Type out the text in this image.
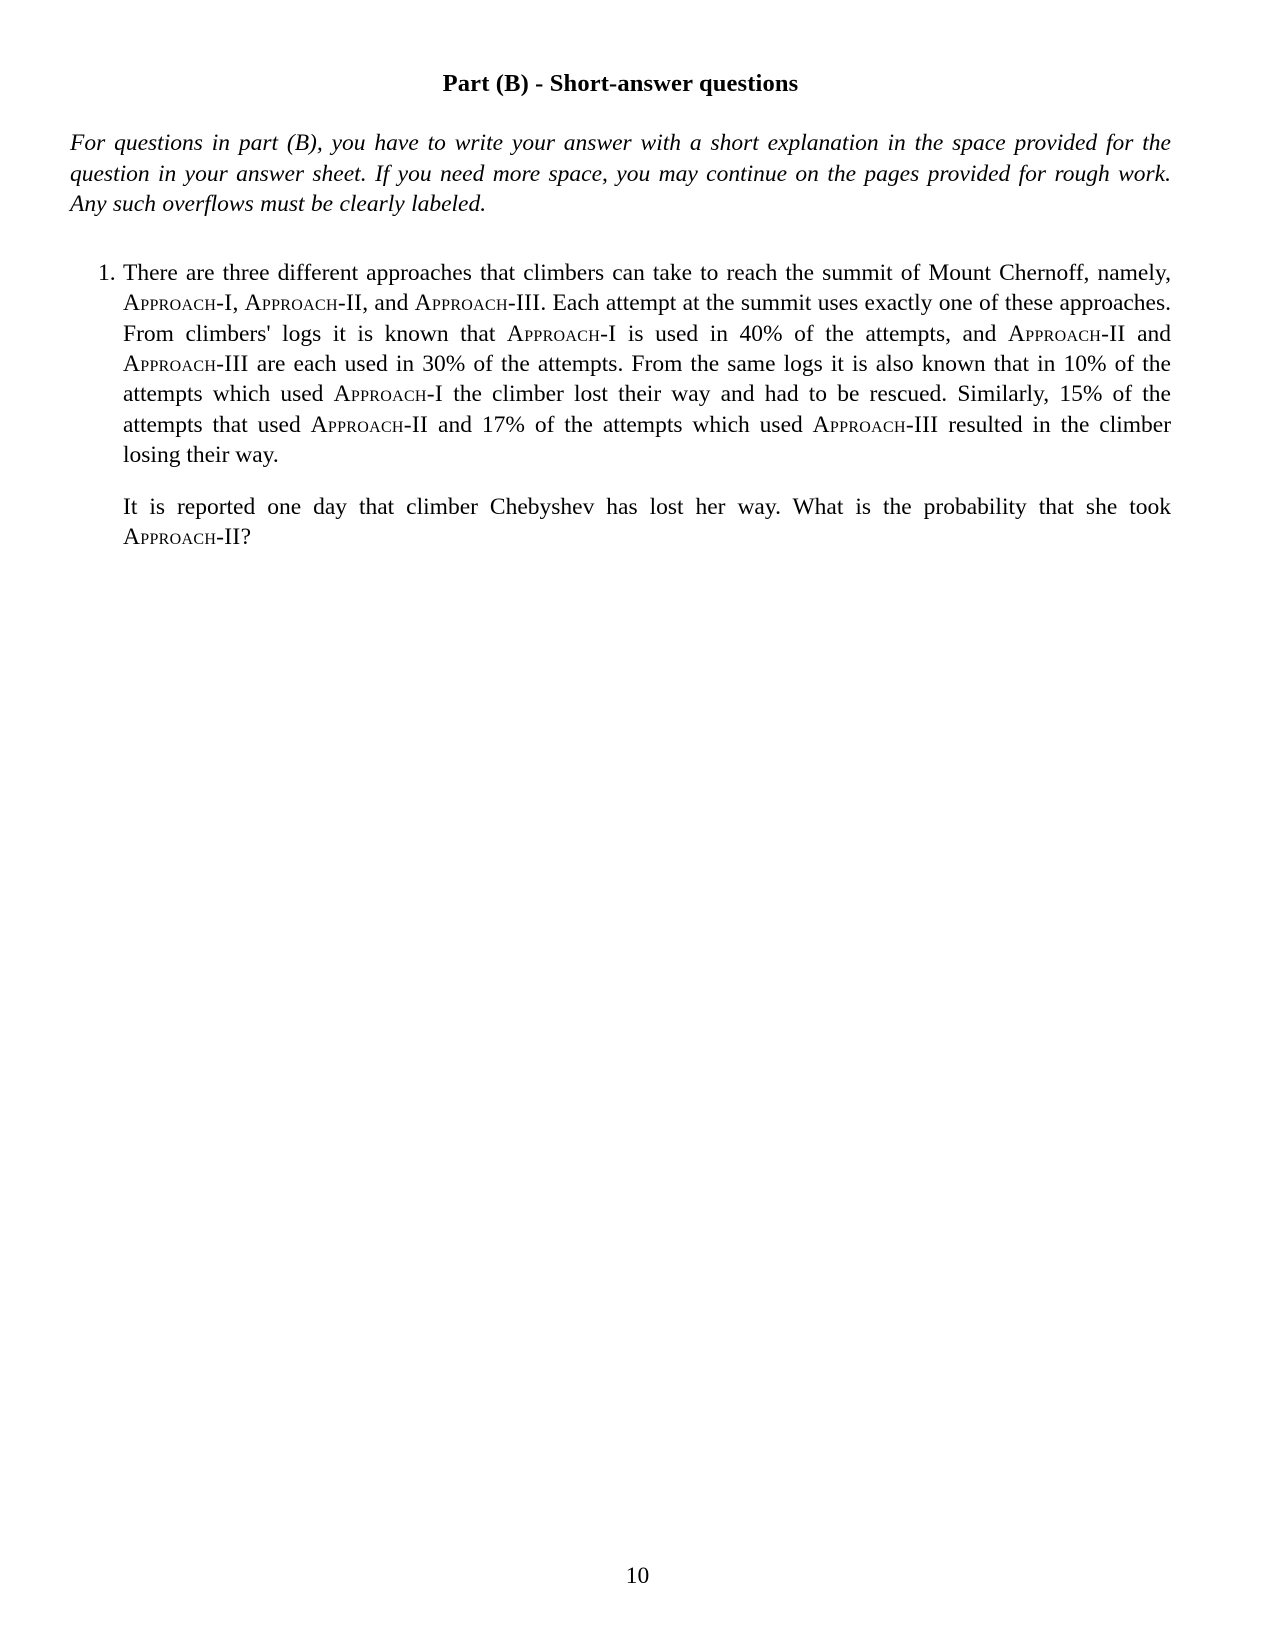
Part (B) - Short-answer questions

For questions in part (B), you have to write your answer with a short explanation in the space provided for the question in your answer sheet. If you need more space, you may continue on the pages provided for rough work. Any such overflows must be clearly labeled.

1. There are three different approaches that climbers can take to reach the summit of Mount Chernoff, namely, Approach-I, Approach-II, and Approach-III. Each attempt at the summit uses exactly one of these approaches. From climbers' logs it is known that Approach-I is used in 40% of the attempts, and Approach-II and Approach-III are each used in 30% of the attempts. From the same logs it is also known that in 10% of the attempts which used Approach-I the climber lost their way and had to be rescued. Similarly, 15% of the attempts that used Approach-II and 17% of the attempts which used Approach-III resulted in the climber losing their way.

It is reported one day that climber Chebyshev has lost her way. What is the probability that she took Approach-II?

10
